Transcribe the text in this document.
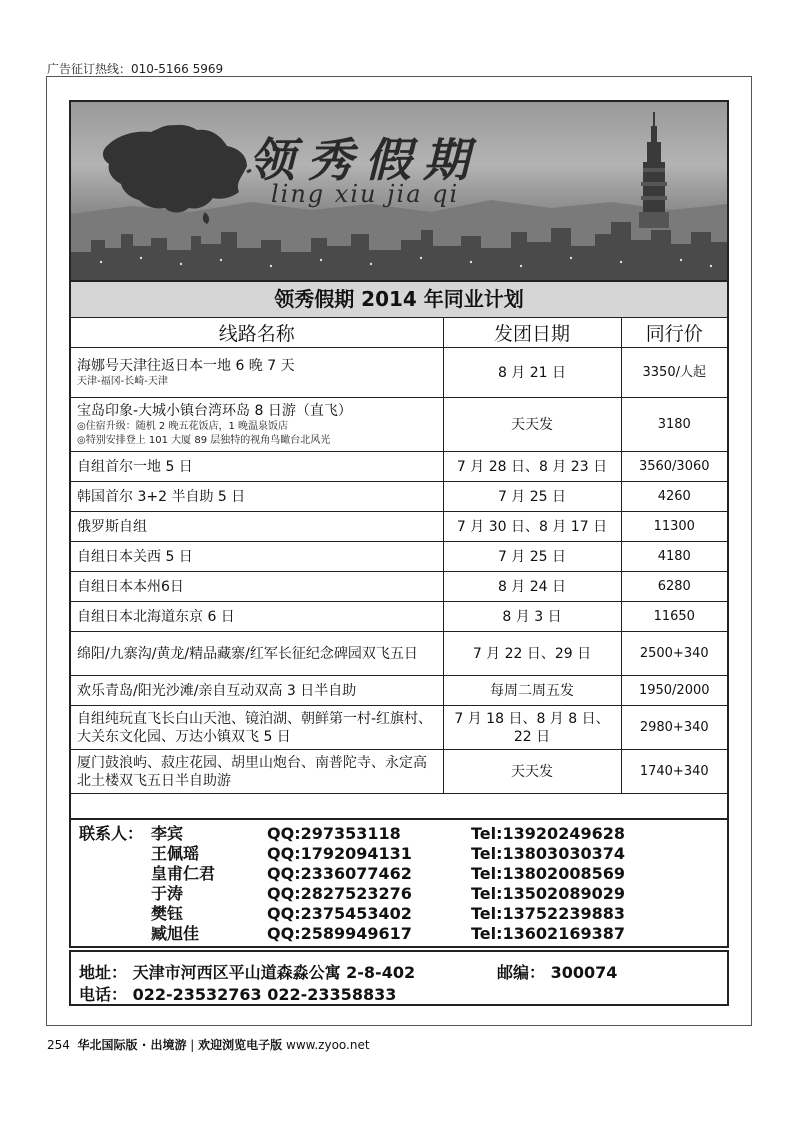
广告征订热线：010-5166 5969
领秀假期
ling xiu jia qi
领秀假期 2014 年同业计划
线路名称	发团日期	同行价

海娜号天津往返日本一地 6 晚 7 天
天津-福冈-长崎-天津	8 月 21 日	3350/人起

宝岛印象-大城小镇台湾环岛 8 日游（直飞）
◎住宿升级：随机 2 晚五花饭店，1 晚温泉饭店
◎特别安排登上 101 大厦 89 层独特的视角鸟瞰台北风光	天天发	3180

自组首尔一地 5 日	7 月 28 日、8 月 23 日	3560/3060

韩国首尔 3+2 半自助 5 日	7 月 25 日	4260

俄罗斯自组	7 月 30 日、8 月 17 日	11300

自组日本关西 5 日	7 月 25 日	4180

自组日本本州6日	8 月 24 日	6280

自组日本北海道东京 6 日	8 月 3 日	11650

绵阳/九寨沟/黄龙/精品藏寨/红军长征纪念碑园双飞五日	7 月 22 日、29 日	2500+340

欢乐青岛/阳光沙滩/亲自互动双高 3 日半自助	每周二周五发	1950/2000

自组纯玩直飞长白山天池、镜泊湖、朝鲜第一村-红旗村、大关东文化园、万达小镇双飞 5 日	7 月 18 日、8 月 8 日、22 日	2980+340

厦门鼓浪屿、菽庄花园、胡里山炮台、南普陀寺、永定高北土楼双飞五日半自助游	天天发	1740+340
联系人： 李宾	QQ:297353118	Tel:13920249628
王佩瑶	QQ:1792094131	Tel:13803030374
皇甫仁君	QQ:2336077462	Tel:13802008569
于涛	QQ:2827523276	Tel:13502089029
樊钰	QQ:2375453402	Tel:13752239883
臧旭佳	QQ:2589949617	Tel:13602169387
地址： 天津市河西区平山道森淼公寓 2-8-402	邮编： 300074
电话： 022-23532763 022-23358833
254 华北国际版 · 出境游 | 欢迎浏览电子版 www.zyoo.net
